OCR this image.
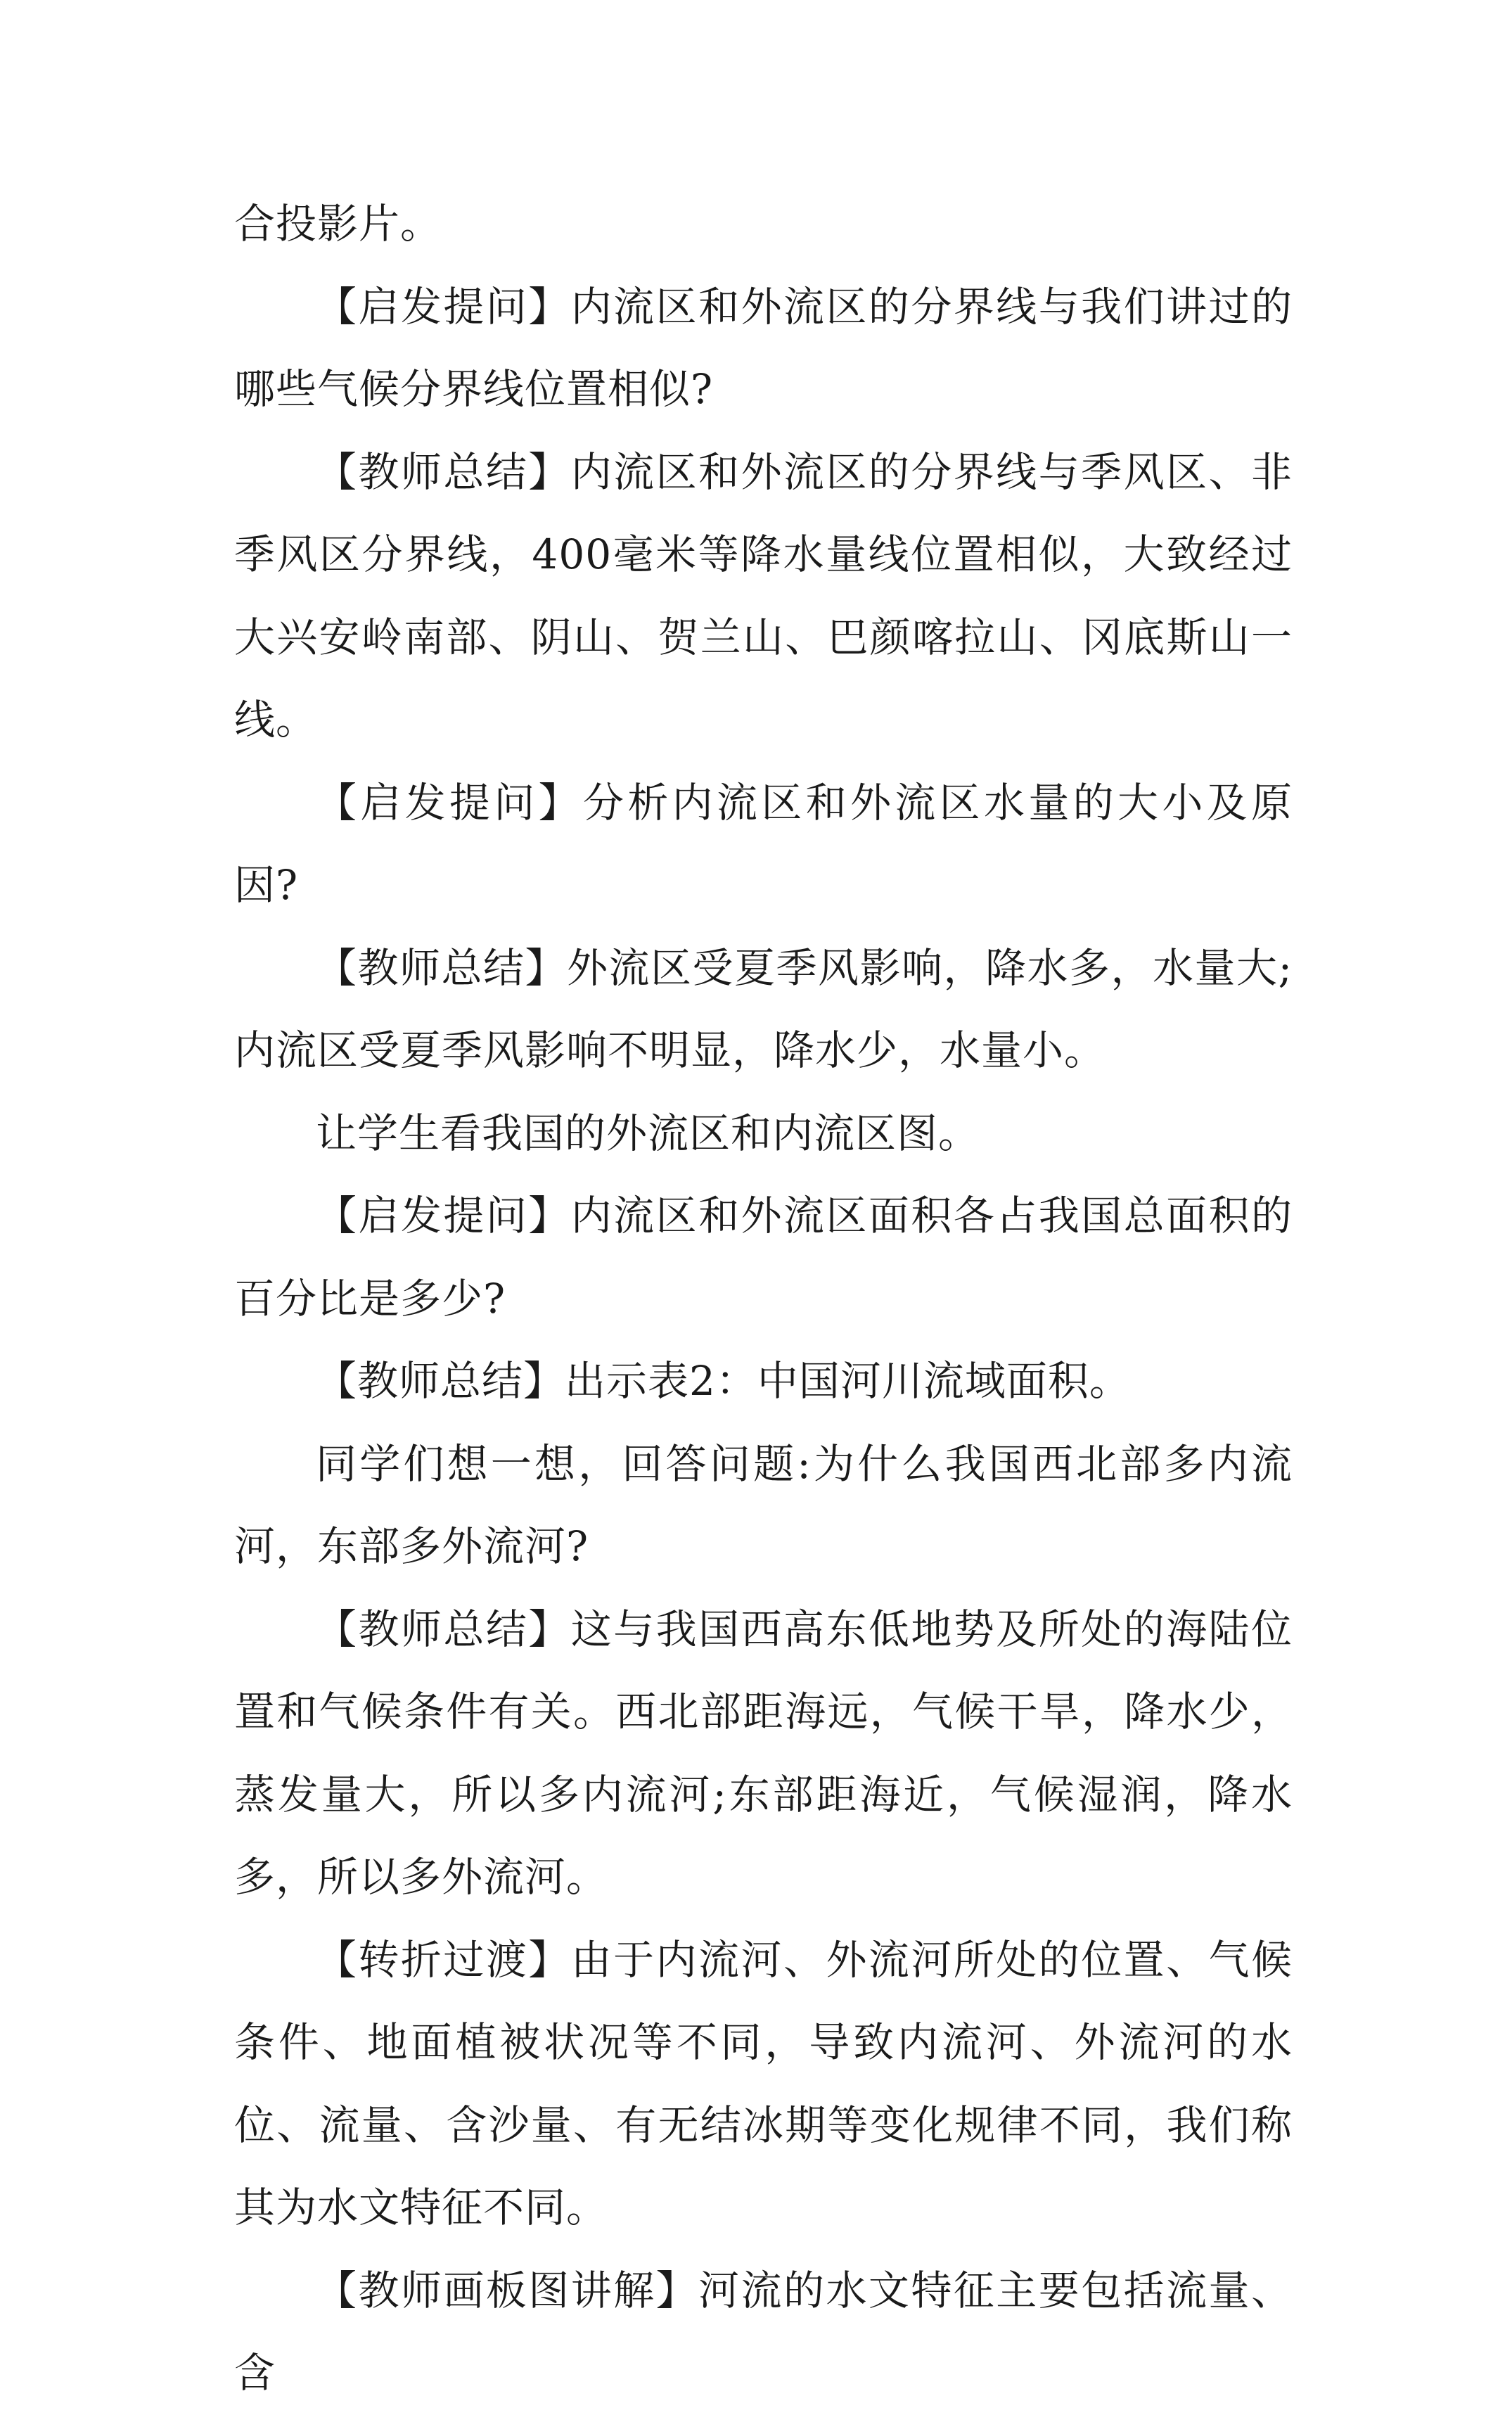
合投影片。

【启发提问】内流区和外流区的分界线与我们讲过的哪些气候分界线位置相似?

【教师总结】内流区和外流区的分界线与季风区、非季风区分界线，400毫米等降水量线位置相似，大致经过大兴安岭南部、阴山、贺兰山、巴颜喀拉山、冈底斯山一线。

【启发提问】分析内流区和外流区水量的大小及原因?

【教师总结】外流区受夏季风影响，降水多，水量大;内流区受夏季风影响不明显，降水少，水量小。

让学生看我国的外流区和内流区图。

【启发提问】内流区和外流区面积各占我国总面积的百分比是多少?

【教师总结】出示表2：中国河川流域面积。

同学们想一想，回答问题:为什么我国西北部多内流河，东部多外流河?

【教师总结】这与我国西高东低地势及所处的海陆位置和气候条件有关。西北部距海远，气候干旱，降水少，蒸发量大，所以多内流河;东部距海近，气候湿润，降水多，所以多外流河。

【转折过渡】由于内流河、外流河所处的位置、气候条件、地面植被状况等不同，导致内流河、外流河的水位、流量、含沙量、有无结冰期等变化规律不同，我们称其为水文特征不同。

【教师画板图讲解】河流的水文特征主要包括流量、含
